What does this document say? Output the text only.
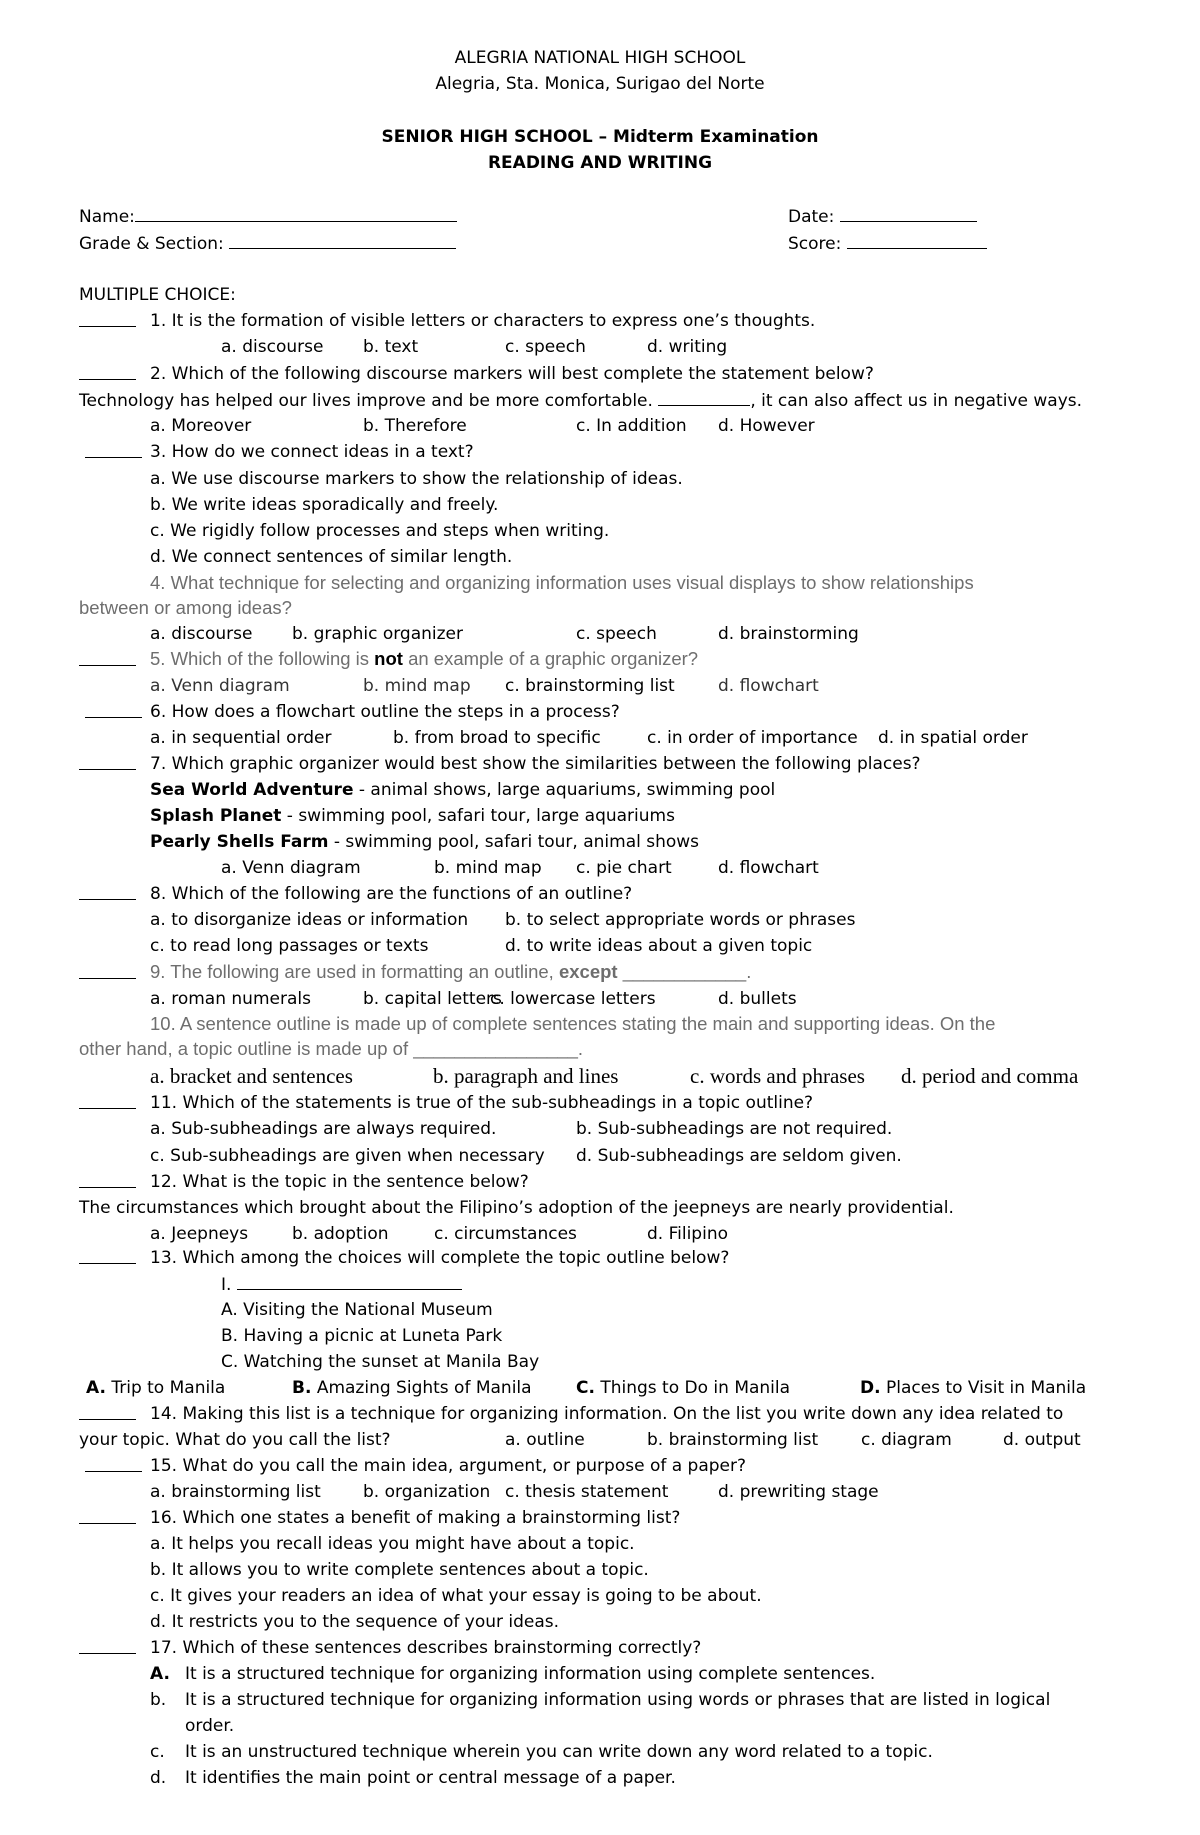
ALEGRIA NATIONAL HIGH SCHOOL
Alegria, Sta. Monica, Surigao del Norte
SENIOR HIGH SCHOOL – Midterm Examination
READING AND WRITING
Name:	Date:
Grade & Section:	Score:
MULTIPLE CHOICE:
1. It is the formation of visible letters or characters to express one’s thoughts.
a. discourse b. text	c. speech	d. writing
2. Which of the following discourse markers will best complete the statement below?
Technology has helped our lives improve and be more comfortable.	, it can also affect us in negative ways.
a. Moreover	b. Therefore	c. In addition d. However
3. How do we connect ideas in a text?
a. We use discourse markers to show the relationship of ideas.
b. We write ideas sporadically and freely.
c. We rigidly follow processes and steps when writing.
d. We connect sentences of similar length.
4. What technique for selecting and organizing information uses visual displays to show relationships
between or among ideas?
a. discourse b. graphic organizer	c. speech	d. brainstorming
5. Which of the following is not an example of a graphic organizer?
a. Venn diagram	b. mind map c. brainstorming list	d. flowchart
6. How does a flowchart outline the steps in a process?
a. in sequential order	b. from broad to specific	c. in order of importance d. in spatial order
7. Which graphic organizer would best show the similarities between the following places?
Sea World Adventure - animal shows, large aquariums, swimming pool
Splash Planet - swimming pool, safari tour, large aquariums
Pearly Shells Farm - swimming pool, safari tour, animal shows
a. Venn diagram	b. mind map c. pie chart	d. flowchart
8. Which of the following are the functions of an outline?
a. to disorganize ideas or information b. to select appropriate words or phrases
c. to read long passages or texts	d. to write ideas about a given topic
9. The following are used in formatting an outline, except ____________.
a. roman numerals	b. capital letters
c. lowercase letters	d. bullets
10. A sentence outline is made up of complete sentences stating the main and supporting ideas. On the
other hand, a topic outline is made up of ________________.
a. bracket and sentences	b. paragraph and lines	c. words and phrases d. period and comma
11. Which of the statements is true of the sub-subheadings in a topic outline?
a. Sub-subheadings are always required.	b. Sub-subheadings are not required.
c. Sub-subheadings are given when necessary d. Sub-subheadings are seldom given.
12. What is the topic in the sentence below?
The circumstances which brought about the Filipino’s adoption of the jeepneys are nearly providential.
a. Jeepneys	b. adoption	c. circumstances	d. Filipino
13. Which among the choices will complete the topic outline below?
I.
A. Visiting the National Museum
B. Having a picnic at Luneta Park
C. Watching the sunset at Manila Bay
A. Trip to Manila	B. Amazing Sights of Manila	C. Things to Do in Manila	D. Places to Visit in Manila
14. Making this list is a technique for organizing information. On the list you write down any idea related to
your topic. What do you call the list?	a. outline	b. brainstorming list	c. diagram	d. output
15. What do you call the main idea, argument, or purpose of a paper?
a. brainstorming list b. organization c. thesis statement	d. prewriting stage
16. Which one states a benefit of making a brainstorming list?
a. It helps you recall ideas you might have about a topic.
b. It allows you to write complete sentences about a topic.
c. It gives your readers an idea of what your essay is going to be about.
d. It restricts you to the sequence of your ideas.
17. Which of these sentences describes brainstorming correctly?
A. It is a structured technique for organizing information using complete sentences.
b. It is a structured technique for organizing information using words or phrases that are listed in logical
order.
c. It is an unstructured technique wherein you can write down any word related to a topic.
d. It identifies the main point or central message of a paper.
